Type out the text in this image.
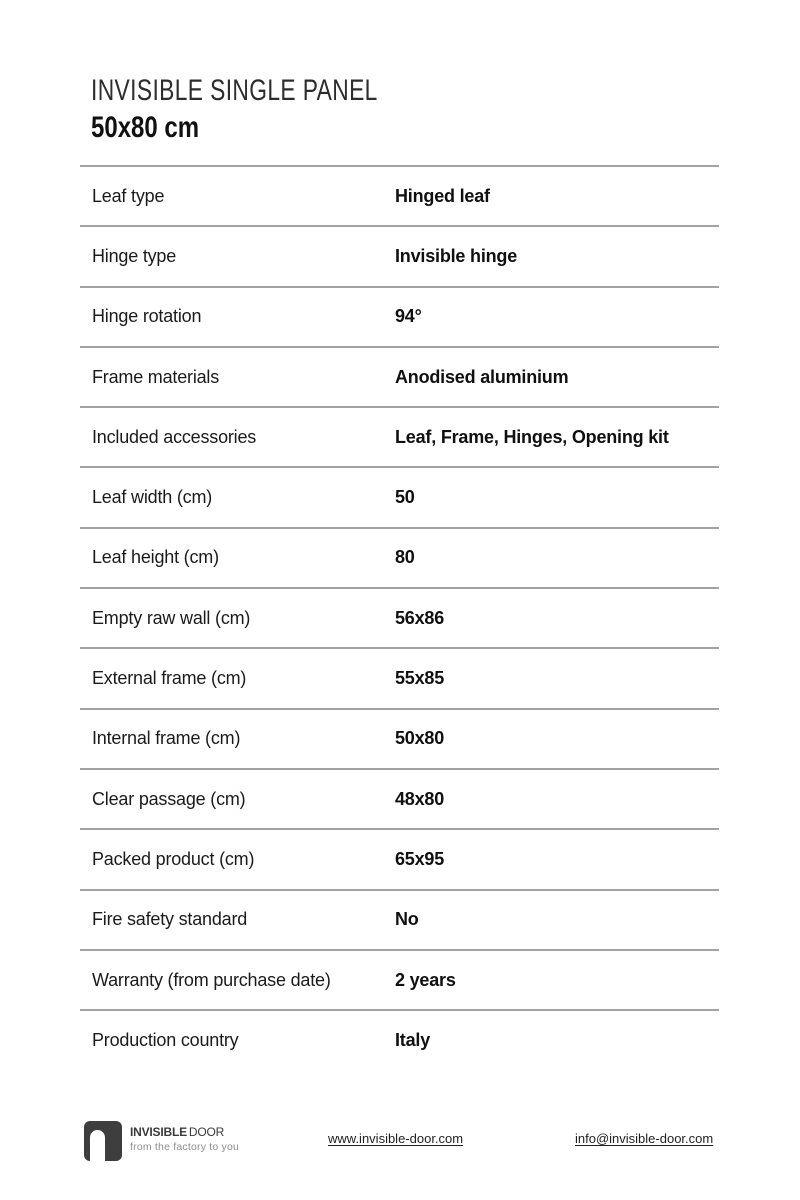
INVISIBLE SINGLE PANEL
50x80 cm
Leaf type	Hinged leaf
Hinge type	Invisible hinge
Hinge rotation	94°
Frame materials	Anodised aluminium
Included accessories	Leaf, Frame, Hinges, Opening kit
Leaf width (cm)	50
Leaf height (cm)	80
Empty raw wall (cm)	56x86
External frame (cm)	55x85
Internal frame (cm)	50x80
Clear passage (cm)	48x80
Packed product (cm)	65x95
Fire safety standard	No
Warranty (from purchase date)	2 years
Production country	Italy
INVISIBLE DOOR
from the factory to you
www.invisible-door.com	info@invisible-door.com
